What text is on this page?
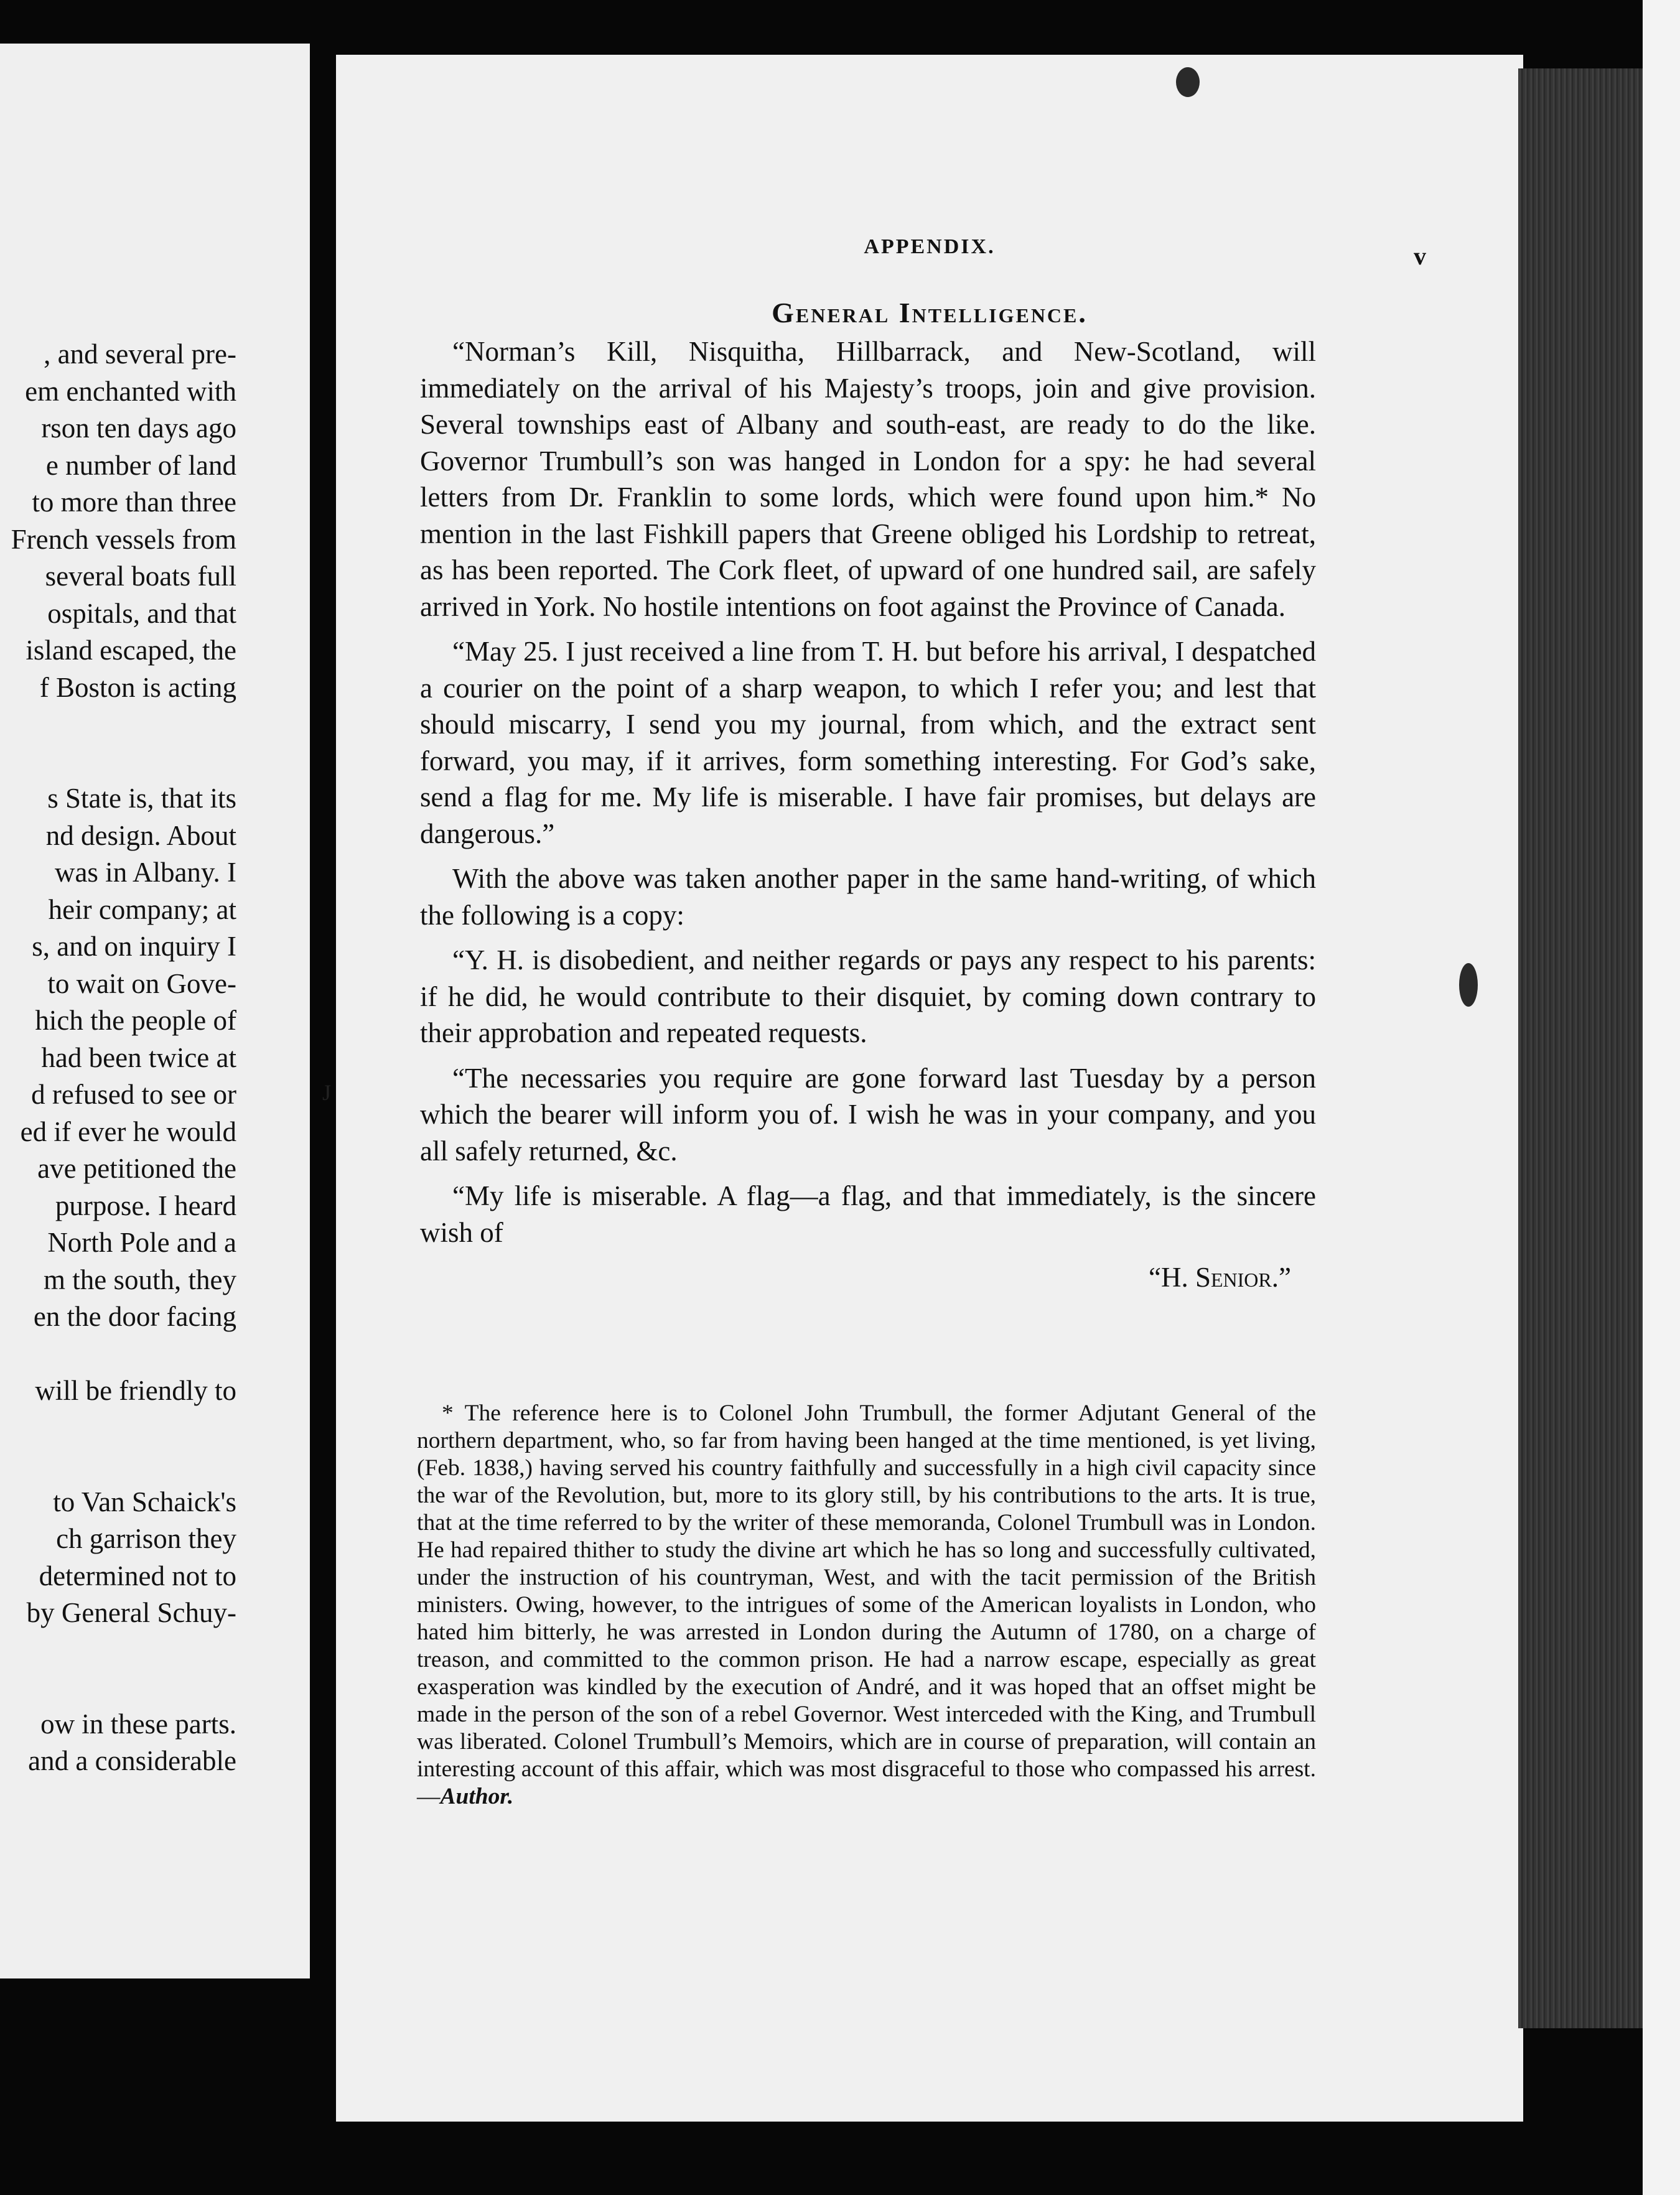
, and several pre-
em enchanted with
rson ten days ago
e number of land
to more than three
French vessels from
several boats full
ospitals, and that
island escaped, the
f Boston is acting
s State is, that its
nd design. About
was in Albany. I
heir company; at
s, and on inquiry I
to wait on Gove-
hich the people of
had been twice at
d refused to see or
ed if ever he would
ave petitioned the
purpose. I heard
North Pole and a
m the south, they
en the door facing
will be friendly to
to Van Schaick's
ch garrison they
determined not to
by General Schuy-
ow in these parts.
and a considerable
J
APPENDIX.	v
General Intelligence.

“Norman’s Kill, Nisquitha, Hillbarrack, and New-Scotland, will immediately on the arrival of his Majesty’s troops, join and give provision. Several townships east of Albany and south-east, are ready to do the like. Governor Trumbull’s son was hanged in London for a spy: he had several letters from Dr. Franklin to some lords, which were found upon him.* No mention in the last Fishkill papers that Greene obliged his Lordship to retreat, as has been reported. The Cork fleet, of upward of one hundred sail, are safely arrived in York. No hostile intentions on foot against the Province of Canada.

“May 25. I just received a line from T. H. but before his arrival, I despatched a courier on the point of a sharp weapon, to which I refer you; and lest that should miscarry, I send you my journal, from which, and the extract sent forward, you may, if it arrives, form something interesting. For God’s sake, send a flag for me. My life is miserable. I have fair promises, but delays are dangerous.”

With the above was taken another paper in the same hand-writing, of which the following is a copy:

“Y. H. is disobedient, and neither regards or pays any respect to his parents: if he did, he would contribute to their disquiet, by coming down contrary to their approbation and repeated requests.

“The necessaries you require are gone forward last Tuesday by a person which the bearer will inform you of. I wish he was in your company, and you all safely returned, &c.

“My life is miserable. A flag—a flag, and that immediately, is the sincere wish of

“H. Senior.”

* The reference here is to Colonel John Trumbull, the former Adjutant General of the northern department, who, so far from having been hanged at the time mentioned, is yet living, (Feb. 1838,) having served his country faithfully and successfully in a high civil capacity since the war of the Revolution, but, more to its glory still, by his contributions to the arts. It is true, that at the time referred to by the writer of these memoranda, Colonel Trumbull was in London. He had repaired thither to study the divine art which he has so long and successfully cultivated, under the instruction of his countryman, West, and with the tacit permission of the British ministers. Owing, however, to the intrigues of some of the American loyalists in London, who hated him bitterly, he was arrested in London during the Autumn of 1780, on a charge of treason, and committed to the common prison. He had a narrow escape, especially as great exasperation was kindled by the execution of André, and it was hoped that an offset might be made in the person of the son of a rebel Governor. West interceded with the King, and Trumbull was liberated. Colonel Trumbull’s Memoirs, which are in course of preparation, will contain an interesting account of this affair, which was most disgraceful to those who compassed his arrest.—Author.
